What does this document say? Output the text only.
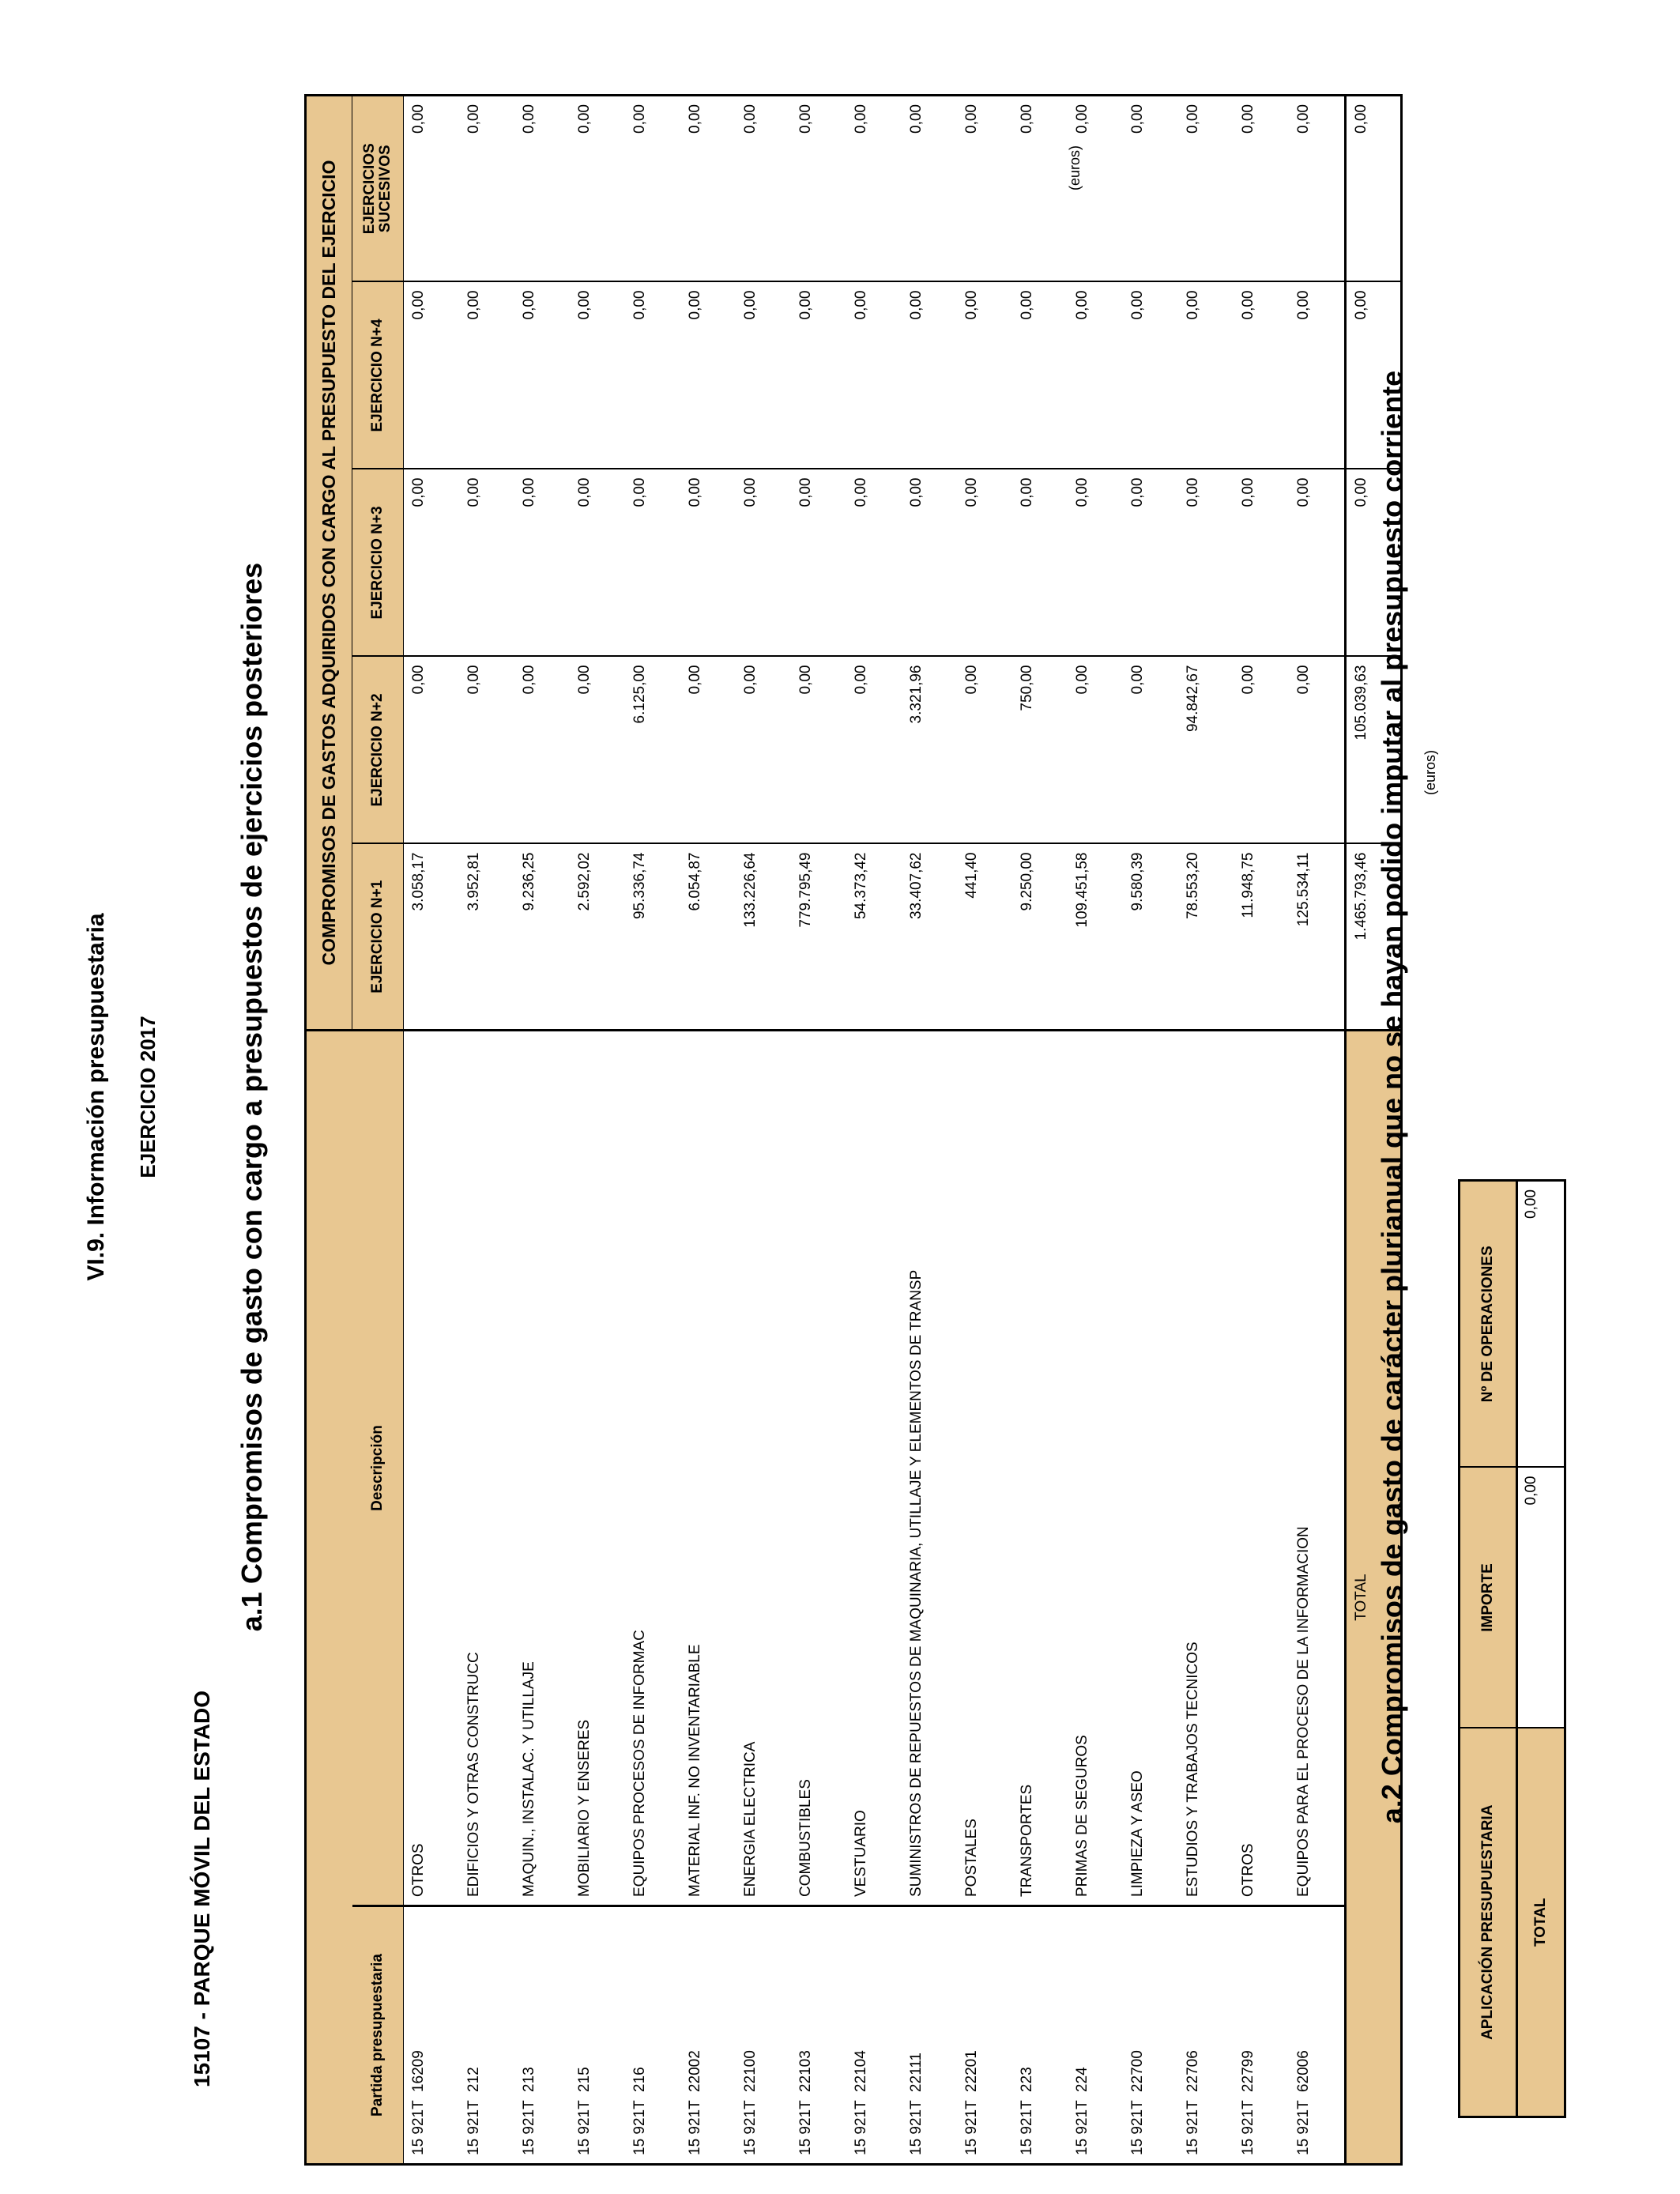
VI.9. Información presupuestaria EJERCICIO 2017
15107 - PARQUE MÓVIL DEL ESTADO
a.1 Compromisos de gasto con cargo a presupuestos de ejercicios posteriores
(euros)
		COMPROMISOS DE GASTOS ADQUIRIDOS CON CARGO AL PRESUPUESTO DEL EJERCICIO				
Partida presupuestaria	Descripción	EJERCICIO N+1	EJERCICIO N+2	EJERCICIO N+3	EJERCICIO N+4	EJERCICIOS SUCESIVOS
15 921T  16209	OTROS	3.058,17	0,00	0,00	0,00	0,00
15 921T  212	EDIFICIOS Y OTRAS CONSTRUCC	3.952,81	0,00	0,00	0,00	0,00
15 921T  213	MAQUIN., INSTALAC. Y UTILLAJE	9.236,25	0,00	0,00	0,00	0,00
15 921T  215	MOBILIARIO Y ENSERES	2.592,02	0,00	0,00	0,00	0,00
15 921T  216	EQUIPOS PROCESOS DE INFORMAC	95.336,74	6.125,00	0,00	0,00	0,00
15 921T  22002	MATERIAL INF. NO INVENTARIABLE	6.054,87	0,00	0,00	0,00	0,00
15 921T  22100	ENERGIA ELECTRICA	133.226,64	0,00	0,00	0,00	0,00
15 921T  22103	COMBUSTIBLES	779.795,49	0,00	0,00	0,00	0,00
15 921T  22104	VESTUARIO	54.373,42	0,00	0,00	0,00	0,00
15 921T  22111	SUMINISTROS DE REPUESTOS DE MAQUINARIA, UTILLAJE Y ELEMENTOS DE TRANSP	33.407,62	3.321,96	0,00	0,00	0,00
15 921T  22201	POSTALES	441,40	0,00	0,00	0,00	0,00
15 921T  223	TRANSPORTES	9.250,00	750,00	0,00	0,00	0,00
15 921T  224	PRIMAS DE SEGUROS	109.451,58	0,00	0,00	0,00	0,00
15 921T  22700	LIMPIEZA Y ASEO	9.580,39	0,00	0,00	0,00	0,00
15 921T  22706	ESTUDIOS Y TRABAJOS TECNICOS	78.553,20	94.842,67	0,00	0,00	0,00
15 921T  22799	OTROS	11.948,75	0,00	0,00	0,00	0,00
15 921T  62006	EQUIPOS PARA EL PROCESO DE LA INFORMACION	125.534,11	0,00	0,00	0,00	0,00
TOTAL		1.465.793,46	105.039,63	0,00	0,00	0,00
a.2 Compromisos de gasto de carácter plurianual que no se hayan podido imputar al presupuesto corriente (euros)
APLICACIÓN PRESUPUESTARIA	IMPORTE	Nº DE OPERACIONES
TOTAL	0,00	0,00
